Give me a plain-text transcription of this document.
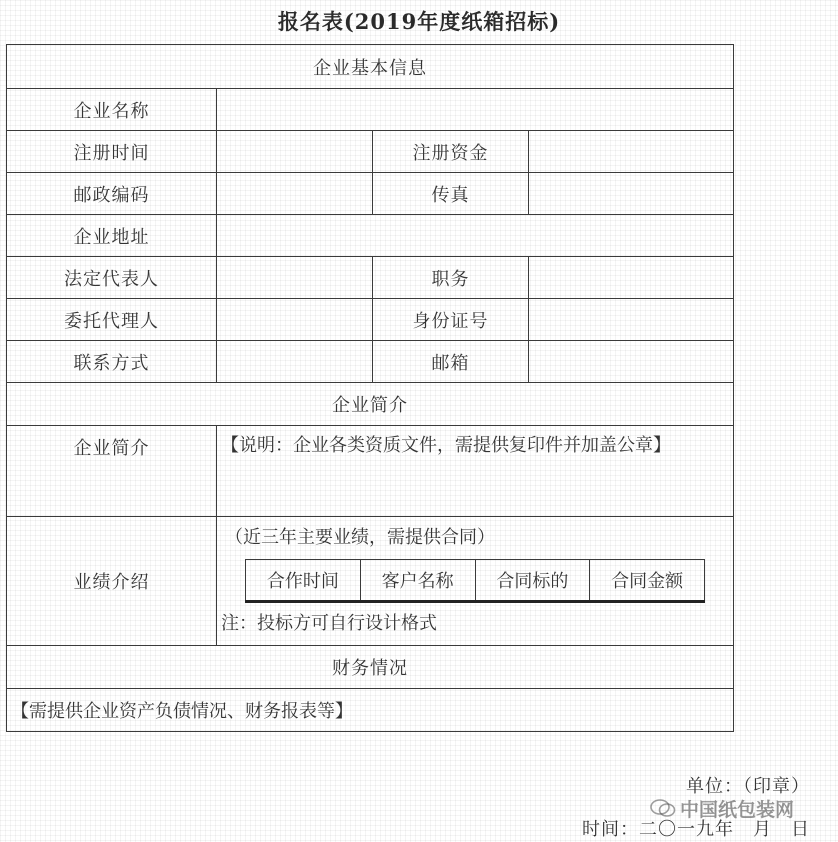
报名表(2019年度纸箱招标)
企业基本信息
企业名称	
注册时间		注册资金	
邮政编码		传真	
企业地址	
法定代表人		职务	
委托代理人		身份证号	
联系方式		邮箱	
企业简介
企业简介	【说明：企业各类资质文件，需提供复印件并加盖公章】
业绩介绍	
（近三年主要业绩，需提供合同）
合作时间	客户名称	合同标的	合同金额
注：投标方可自行设计格式

财务情况
【需提供企业资产负债情况、财务报表等】
单位：（印章）
中国纸包装网
时间：二〇一九年　月　日
